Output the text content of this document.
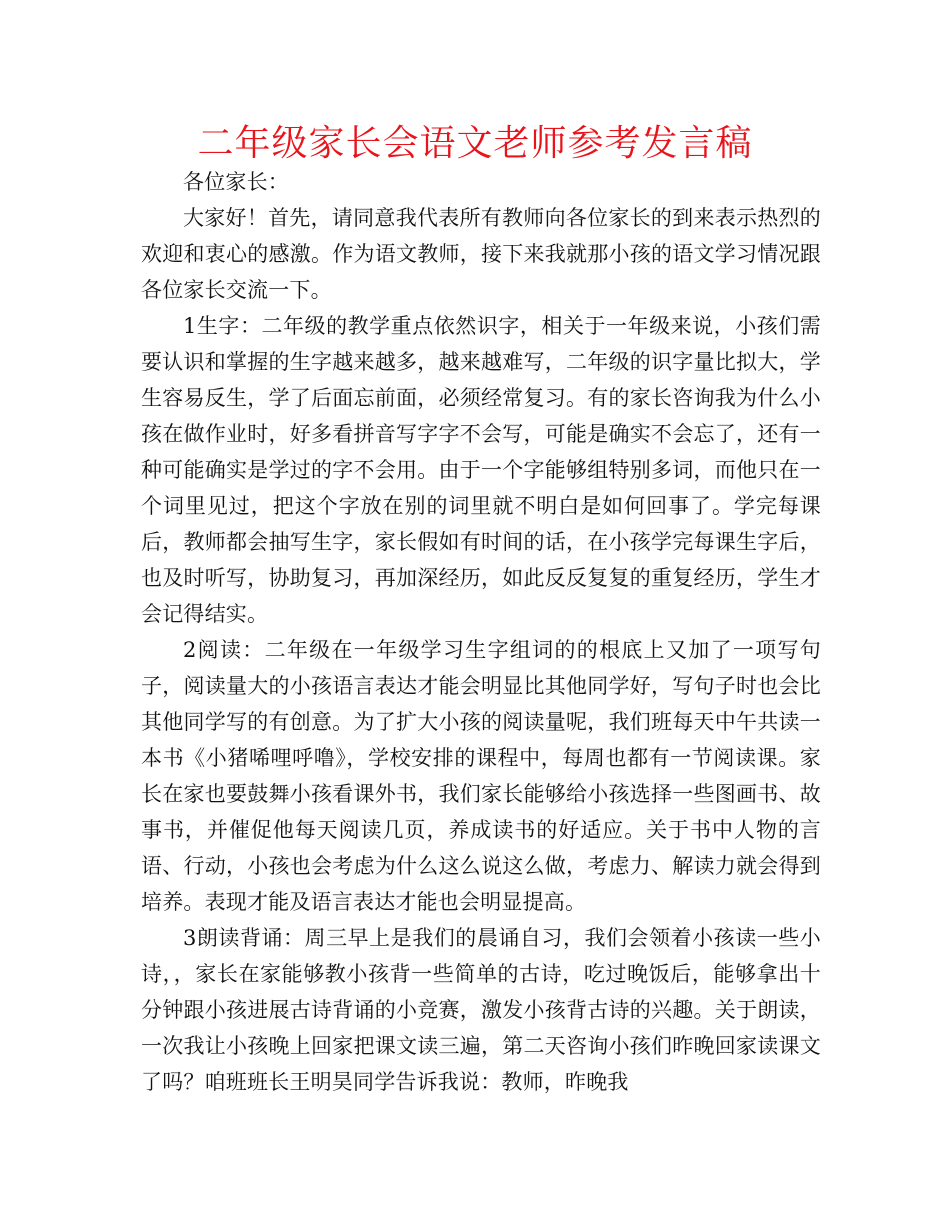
二年级家长会语文老师参考发言稿

各位家长：

大家好！首先，请同意我代表所有教师向各位家长的到来表示热烈的欢迎和衷心的感激。作为语文教师，接下来我就那小孩的语文学习情况跟各位家长交流一下。

1生字：二年级的教学重点依然识字，相关于一年级来说，小孩们需要认识和掌握的生字越来越多，越来越难写，二年级的识字量比拟大，学生容易反生，学了后面忘前面，必须经常复习。有的家长咨询我为什么小孩在做作业时，好多看拼音写字字不会写，可能是确实不会忘了，还有一种可能确实是学过的字不会用。由于一个字能够组特别多词，而他只在一个词里见过，把这个字放在别的词里就不明白是如何回事了。学完每课后，教师都会抽写生字，家长假如有时间的话，在小孩学完每课生字后，也及时听写，协助复习，再加深经历，如此反反复复的重复经历，学生才会记得结实。

2阅读：二年级在一年级学习生字组词的的根底上又加了一项写句子，阅读量大的小孩语言表达才能会明显比其他同学好，写句子时也会比其他同学写的有创意。为了扩大小孩的阅读量呢，我们班每天中午共读一本书《小猪唏哩呼噜》，学校安排的课程中，每周也都有一节阅读课。家长在家也要鼓舞小孩看课外书，我们家长能够给小孩选择一些图画书、故事书，并催促他每天阅读几页，养成读书的好适应。关于书中人物的言语、行动，小孩也会考虑为什么这么说这么做，考虑力、解读力就会得到培养。表现才能及语言表达才能也会明显提高。

3朗读背诵：周三早上是我们的晨诵自习，我们会领着小孩读一些小诗，，家长在家能够教小孩背一些简单的古诗，吃过晚饭后，能够拿出十分钟跟小孩进展古诗背诵的小竞赛，激发小孩背古诗的兴趣。关于朗读，一次我让小孩晚上回家把课文读三遍，第二天咨询小孩们昨晚回家读课文了吗？咱班班长王明昊同学告诉我说：教师，昨晚我
